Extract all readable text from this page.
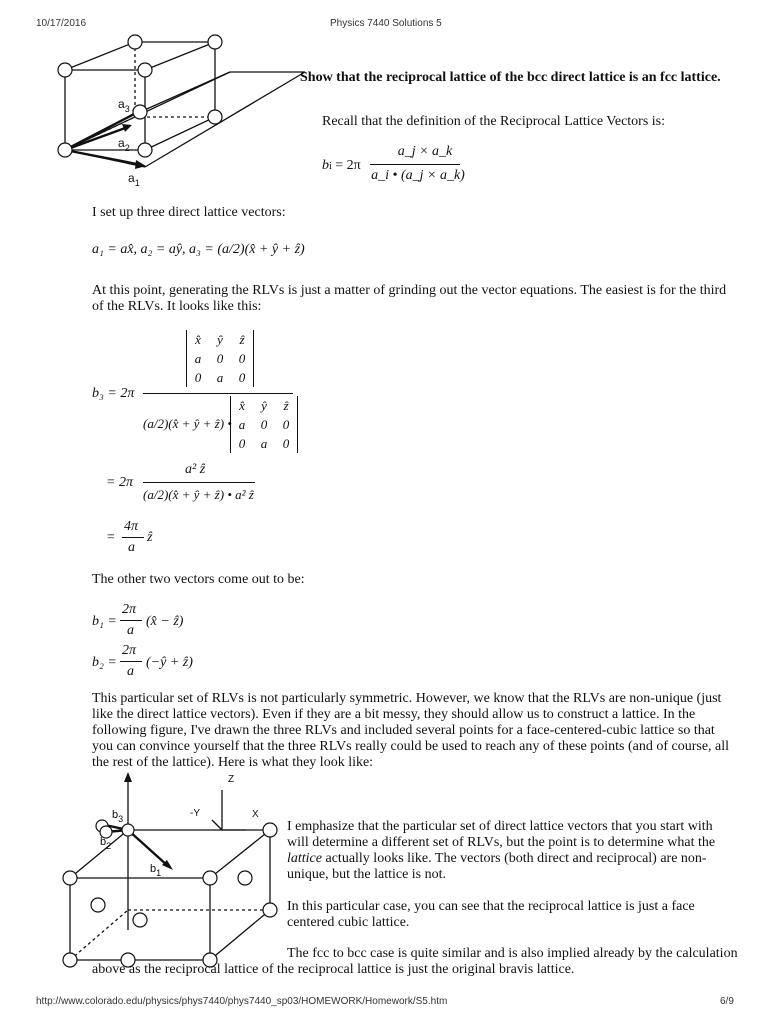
10/17/2016	Physics 7440 Solutions 5
$a_3$
$a_2$
$a_1$
Show that the reciprocal lattice of the bcc direct lattice is an fcc lattice.
Recall that the definition of the Reciprocal Lattice Vectors is:
bi = 2π
a_j × a_k
a_i • (a_j × a_k)
I set up three direct lattice vectors:
a₁ = ax̂, a₂ = aŷ, a₃ = (a/2)(x̂ + ŷ + ẑ)
At this point, generating the RLVs is just a matter of grinding out the vector equations. The easiest is for the third of the RLVs. It looks like this:
b₃ = 2π
x̂	ŷ	ẑ
a	0	0
0	a	0
(a/2)(x̂ + ŷ + ẑ) •
x̂	ŷ	ẑ
a	0	0
0	a	0
= 2π
a² ẑ
(a/2)(x̂ + ŷ + ẑ) • a² ẑ
=
4π
a
ẑ
The other two vectors come out to be:
b₁ =
2π
a
(x̂ − ẑ)
b₂ =
2π
a
(−ŷ + ẑ)
This particular set of RLVs is not particularly symmetric. However, we know that the RLVs are non-unique (just like the direct lattice vectors). Even if they are a bit messy, they should allow us to construct a lattice. In the following figure, I've drawn the three RLVs and included several points for a face-centered-cubic lattice so that you can convince yourself that the three RLVs really could be used to reach any of these points (and of course, all the rest of the lattice). Here is what they look like:
Z
-Y	X
$b_3$
$b_2$
$b_1$
I emphasize that the particular set of direct lattice vectors that you start with will determine a different set of RLVs, but the point is to determine what the lattice actually looks like. The vectors (both direct and reciprocal) are non-unique, but the lattice is not.
In this particular case, you can see that the reciprocal lattice is just a face centered cubic lattice.
The fcc to bcc case is quite similar and is also implied already by the calculation above as the reciprocal lattice of the reciprocal lattice is just the original bravis lattice.
http://www.colorado.edu/physics/phys7440/phys7440_sp03/HOMEWORK/Homework/S5.htm	6/9
